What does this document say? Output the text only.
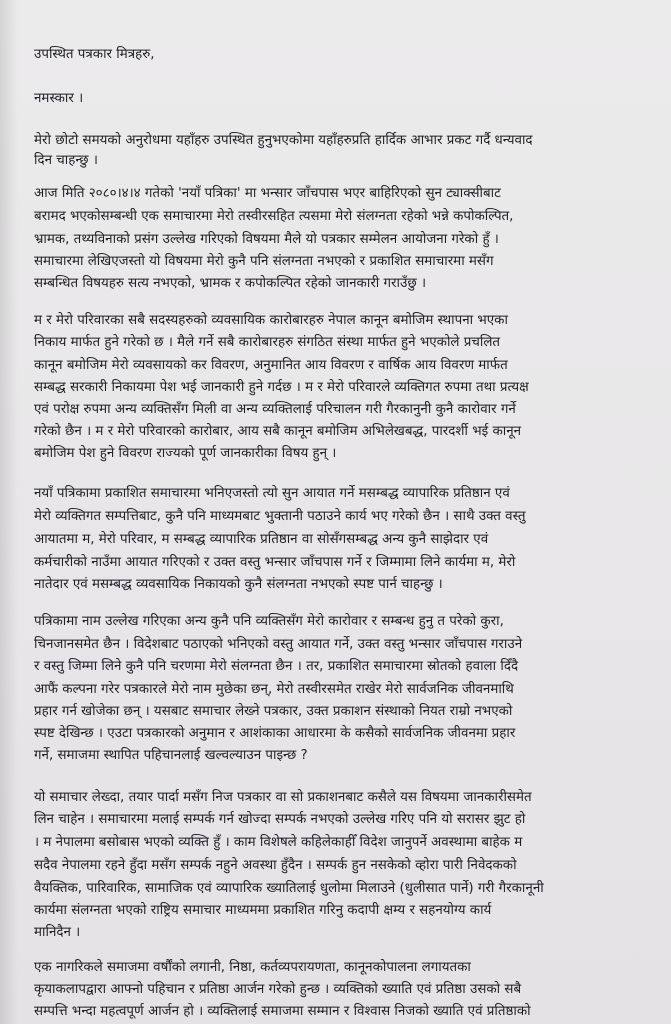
उपस्थित पत्रकार मित्रहरु,
नमस्कार ।
मेरो छोटो समयको अनुरोधमा यहाँहरु उपस्थित हुनुभएकोमा यहाँहरुप्रति हार्दिक आभार प्रकट गर्दै धन्यवाद
दिन चाहन्छु ।
आज मिति २०८०।४।४ गतेको 'नयाँ पत्रिका' मा भन्सार जाँचपास भएर बाहिरिएको सुन ट्याक्सीबाट
बरामद भएकोसम्बन्धी एक समाचारमा मेरो तस्वीरसहित त्यसमा मेरो संलग्नता रहेको भन्ने कपोकल्पित,
भ्रामक, तथ्यविनाको प्रसंग उल्लेख गरिएको विषयमा मैले यो पत्रकार सम्मेलन आयोजना गरेको हुँ ।
समाचारमा लेखिएजस्तो यो विषयमा मेरो कुनै पनि संलग्नता नभएको र प्रकाशित समाचारमा मसँग
सम्बन्धित विषयहरु सत्य नभएको, भ्रामक र कपोकल्पित रहेको जानकारी गराउँछु ।
म र मेरो परिवारका सबै सदस्यहरुको व्यवसायिक कारोबारहरु नेपाल कानून बमोजिम स्थापना भएका
निकाय मार्फत हुने गरेको छ । मैले गर्ने सबै कारोबारहरु संगठित संस्था मार्फत हुने भएकोले प्रचलित
कानून बमोजिम मेरो व्यवसायको कर विवरण, अनुमानित आय विवरण र वार्षिक आय विवरण मार्फत
सम्बद्ध सरकारी निकायमा पेश भई जानकारी हुने गर्दछ । म र मेरो परिवारले व्यक्तिगत रुपमा तथा प्रत्यक्ष
एवं परोक्ष रुपमा अन्य व्यक्तिसँग मिली वा अन्य व्यक्तिलाई परिचालन गरी गैरकानुनी कुनै कारोवार गर्ने
गरेको छैन । म र मेरो परिवारको कारोबार, आय सबै कानून बमोजिम अभिलेखबद्ध, पारदर्शी भई कानून
बमोजिम पेश हुने विवरण राज्यको पूर्ण जानकारीका विषय हुन् ।
नयाँ पत्रिकामा प्रकाशित समाचारमा भनिएजस्तो त्यो सुन आयात गर्ने मसम्बद्ध व्यापारिक प्रतिष्ठान एवं
मेरो व्यक्तिगत सम्पत्तिबाट, कुनै पनि माध्यमबाट भुक्तानी पठाउने कार्य भए गरेको छैन । साथै उक्त वस्तु
आयातमा म, मेरो परिवार, म सम्बद्ध व्यापारिक प्रतिष्ठान वा सोसँगसम्बद्ध अन्य कुनै साझेदार एवं
कर्मचारीको नाउँमा आयात गरिएको र उक्त वस्तु भन्सार जाँचपास गर्ने र जिम्मामा लिने कार्यमा म, मेरो
नातेदार एवं मसम्बद्ध व्यवसायिक निकायको कुनै संलग्नता नभएको स्पष्ट पार्न चाहन्छु ।
पत्रिकामा नाम उल्लेख गरिएका अन्य कुनै पनि व्यक्तिसँग मेरो कारोवार र सम्बन्ध हुनु त परेको कुरा,
चिनजानसमेत छैन । विदेशबाट पठाएको भनिएको वस्तु आयात गर्ने, उक्त वस्तु भन्सार जाँचपास गराउने
र वस्तु जिम्मा लिने कुनै पनि चरणमा मेरो संलग्नता छैन । तर, प्रकाशित समाचारमा स्रोतको हवाला दिँदै
आफैं कल्पना गरेर पत्रकारले मेरो नाम मुछेका छन्, मेरो तस्वीरसमेत राखेर मेरो सार्वजनिक जीवनमाथि
प्रहार गर्न खोजेका छन् । यसबाट समाचार लेख्ने पत्रकार, उक्त प्रकाशन संस्थाको नियत राम्रो नभएको
स्पष्ट देखिन्छ । एउटा पत्रकारको अनुमान र आशंकाका आधारमा के कसैको सार्वजनिक जीवनमा प्रहार
गर्ने, समाजमा स्थापित पहिचानलाई खल्वल्याउन पाइन्छ ?
यो समाचार लेख्दा, तयार पार्दा मसँग निज पत्रकार वा सो प्रकाशनबाट कसैले यस विषयमा जानकारीसमेत
लिन चाहेन । समाचारमा मलाई सम्पर्क गर्न खोज्दा सम्पर्क नभएको उल्लेख गरिए पनि यो सरासर झुट हो
। म नेपालमा बसोबास भएको व्यक्ति हुँ । काम विशेषले कहिलेकाहीँ विदेश जानुपर्ने अवस्थामा बाहेक म
सदैव नेपालमा रहने हुँदा मसँग सम्पर्क नहुने अवस्था हुँदैन । सम्पर्क हुन नसकेको व्होरा पारी निवेदकको
वैयक्तिक, पारिवारिक, सामाजिक एवं व्यापारिक ख्यातिलाई धुलोमा मिलाउने (धुलीसात पार्ने) गरी गैरकानूनी
कार्यमा संलग्नता भएको राष्ट्रिय समाचार माध्यममा प्रकाशित गरिनु कदापी क्षम्य र सहनयोग्य कार्य
मानिदैन ।
एक नागरिकले समाजमा वर्षौंको लगानी, निष्ठा, कर्तव्यपरायणता, कानूनकोपालना लगायतका
कृयाकलापद्वारा आफ्नो पहिचान र प्रतिष्ठा आर्जन गरेको हुन्छ । व्यक्तिको ख्याति एवं प्रतिष्ठा उसको सबै
सम्पत्ति भन्दा महत्वपूर्ण आर्जन हो । व्यक्तिलाई समाजमा सम्मान र विश्वास निजको ख्याति एवं प्रतिष्ठाको
